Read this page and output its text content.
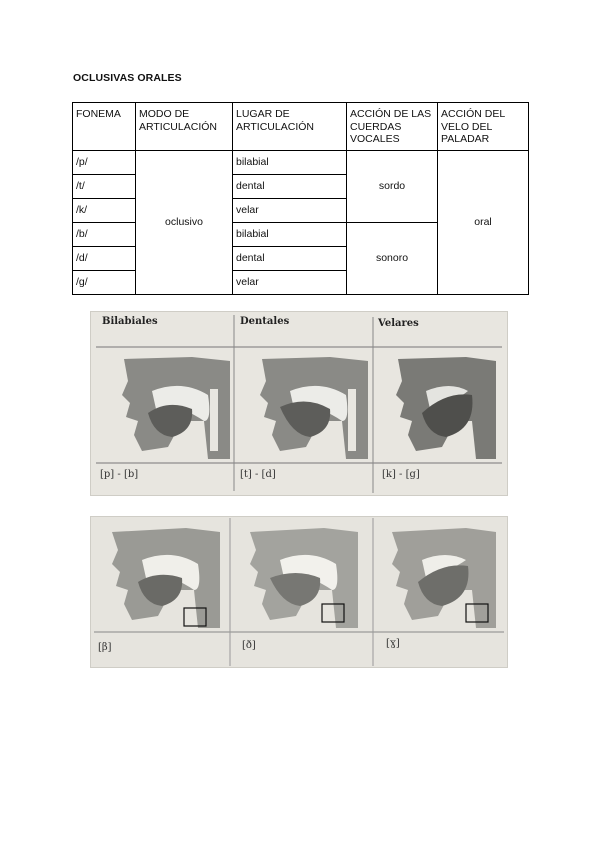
OCLUSIVAS ORALES
FONEMA	MODO DE ARTICULACIÓN	LUGAR DE ARTICULACIÓN	ACCIÓN DE LAS CUERDAS VOCALES	ACCIÓN DEL VELO DEL PALADAR
/p/	oclusivo	bilabial	sordo	oral
/t/		dental		
/k/		velar		
/b/		bilabial	sonoro	
/d/		dental		
/g/		velar		
Bilabiales	Dentales	Velares
[p] - [b]	[t] - [d]	[k] - [g]
[β]	[ð]	[ɣ]
